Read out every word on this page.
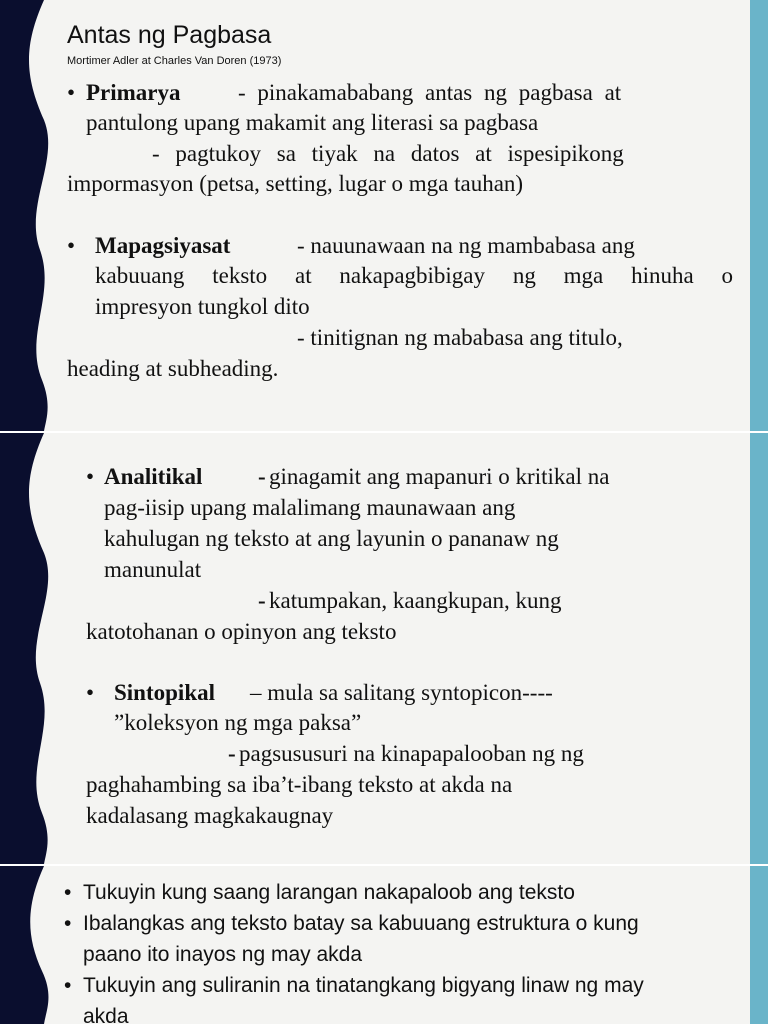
Antas ng Pagbasa
Mortimer Adler at Charles Van Doren (1973)
• Primarya - pinakamababang antas ng pagbasa at
pantulong upang makamit ang literasi sa pagbasa
- pagtukoy sa tiyak na datos at ispesipikong
impormasyon (petsa, setting, lugar o mga tauhan)
• Mapagsiyasat	- nauunawaan na ng mambabasa ang
kabuuang teksto at nakapagbibigay ng mga hinuha o
impresyon tungkol dito
- tinitignan ng mababasa ang titulo,
heading at subheading.
• Analitikal - ginagamit ang mapanuri o kritikal na
pag-iisip upang malalimang maunawaan ang
kahulugan ng teksto at ang layunin o pananaw ng
manunulat
- katumpakan, kaangkupan, kung
katotohanan o opinyon ang teksto
• Sintopikal – mula sa salitang syntopicon----
”koleksyon ng mga paksa”
- pagsususuri na kinapapalooban ng ng
paghahambing sa iba’t-ibang teksto at akda na
kadalasang magkakaugnay
• Tukuyin kung saang larangan nakapaloob ang teksto
• Ibalangkas ang teksto batay sa kabuuang estruktura o kung
paano ito inayos ng may akda
• Tukuyin ang suliranin na tinatangkang bigyang linaw ng may
akda
